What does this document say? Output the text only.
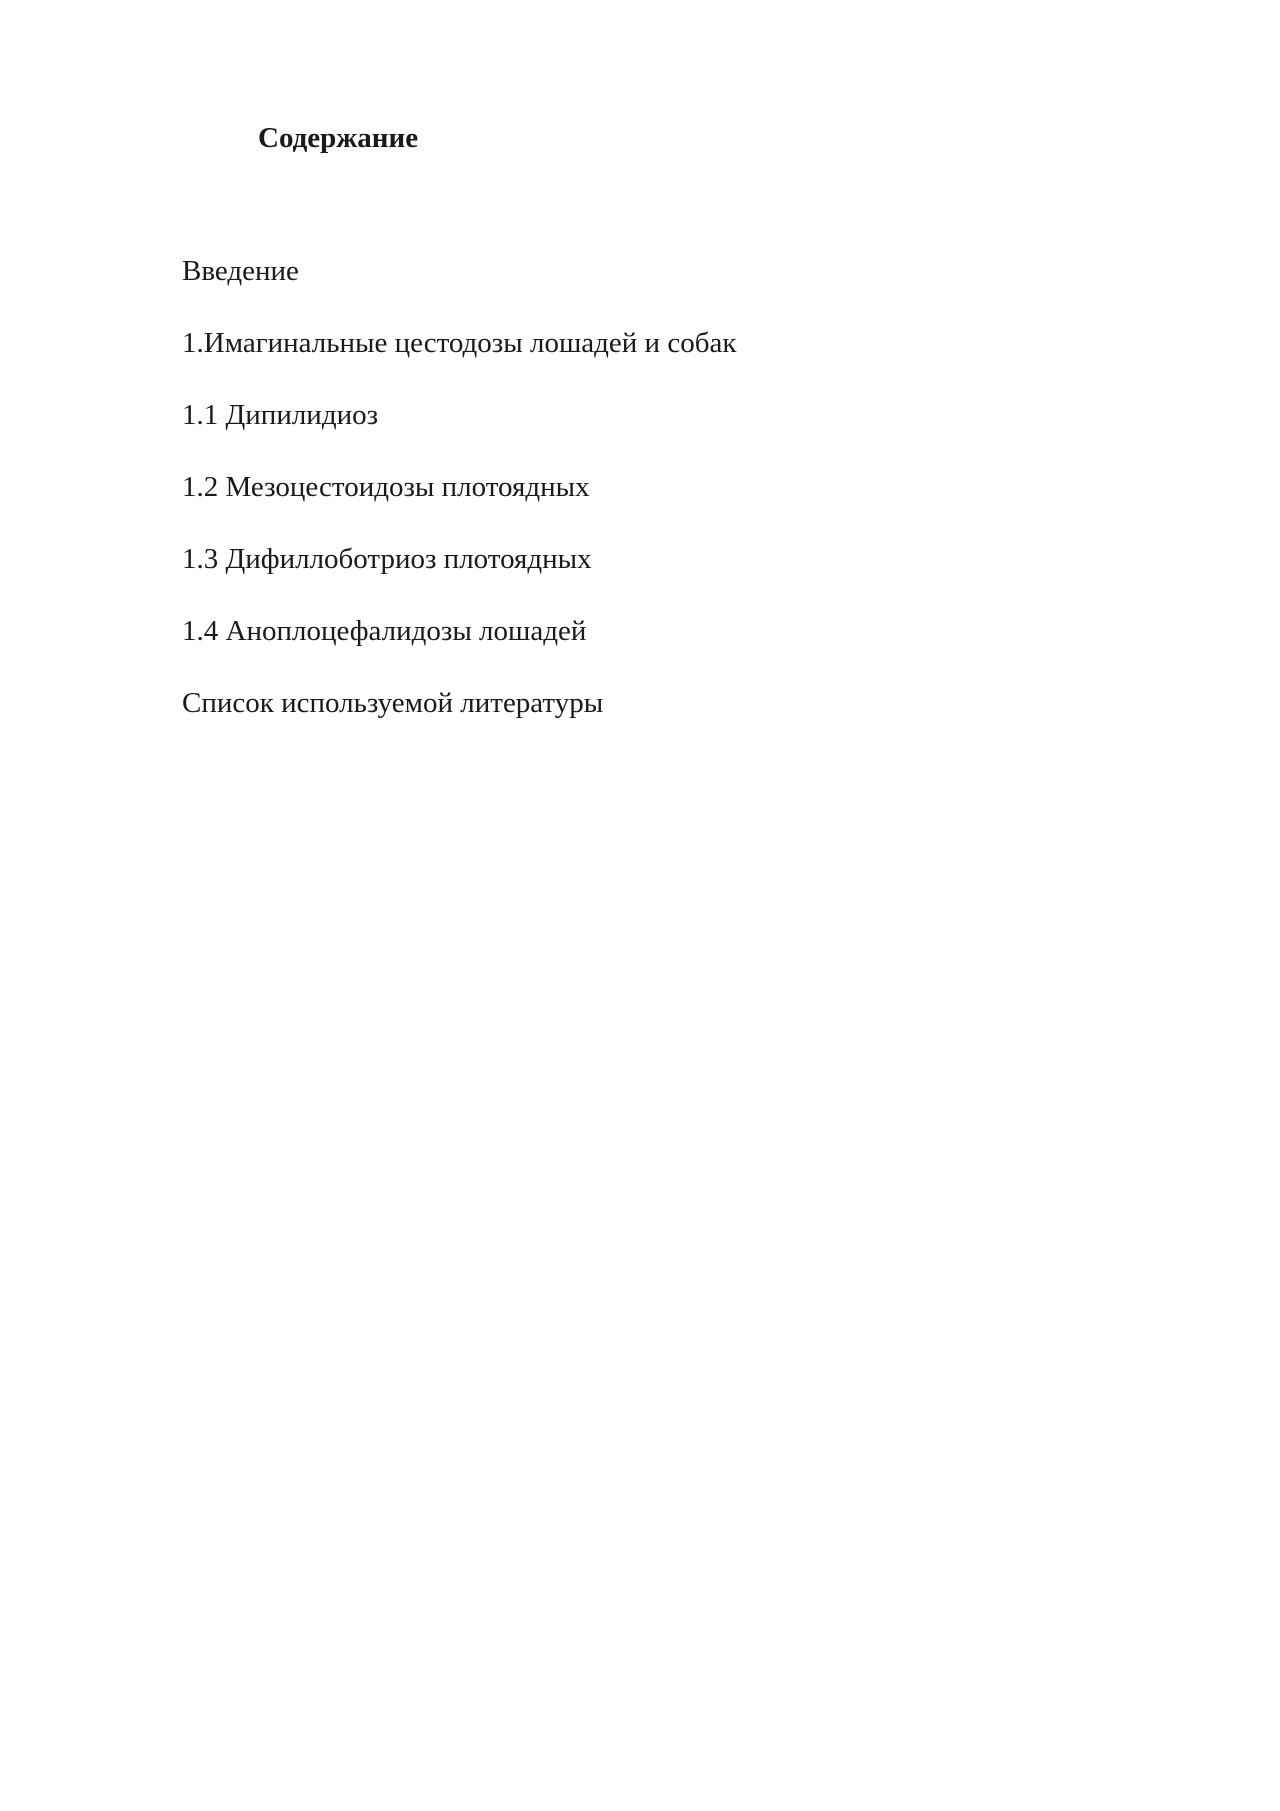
Содержание
Введение
1.Имагинальные цестодозы лошадей и собак
1.1 Дипилидиоз
1.2 Мезоцестоидозы плотоядных
1.3 Дифиллоботриоз плотоядных
1.4 Аноплоцефалидозы лошадей
Список используемой литературы
